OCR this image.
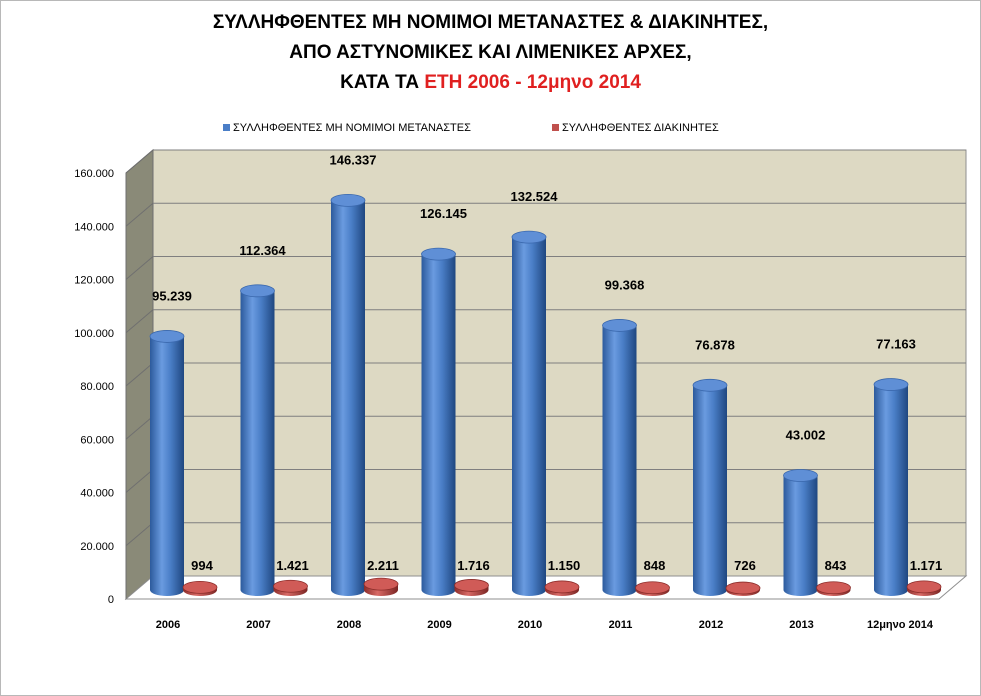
ΣΥΛΛΗΦΘΕΝΤΕΣ ΜΗ ΝΟΜΙΜΟΙ ΜΕΤΑΝΑΣΤΕΣ & ΔΙΑΚΙΝΗΤΕΣ,
ΑΠΟ ΑΣΤΥΝΟΜΙΚΕΣ ΚΑΙ ΛΙΜΕΝΙΚΕΣ ΑΡΧΕΣ,
ΚΑΤΑ ΤΑ ΕΤΗ 2006 - 12μηνο 2014
0
20.000
40.000
60.000
80.000
100.000
120.000
140.000
160.000
95.239
994
112.364
1.421
146.337
2.211
126.145
1.716
132.524
1.150
99.368
848
76.878
726
43.002
843
77.163
1.171
2006	2007	2008	2009	2010	2011	2012	2013	12μηνο 2014
ΣΥΛΛΗΦΘΕΝΤΕΣ ΜΗ ΝΟΜΙΜΟΙ ΜΕΤΑΝΑΣΤΕΣ	ΣΥΛΛΗΦΘΕΝΤΕΣ ΔΙΑΚΙΝΗΤΕΣ
